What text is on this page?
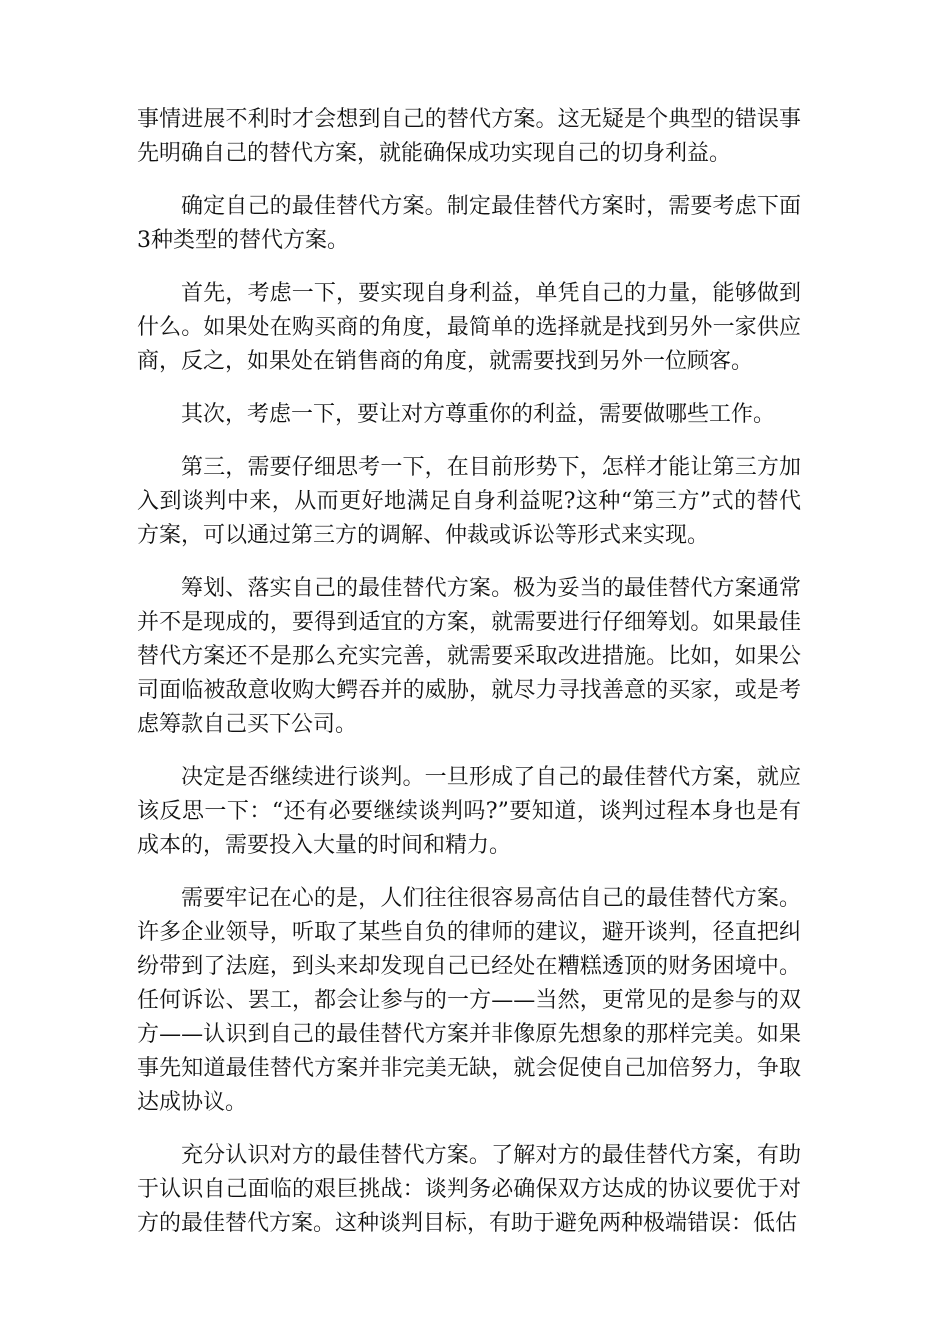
事情进展不利时才会想到自己的替代方案。这无疑是个典型的错误事先明确自己的替代方案，就能确保成功实现自己的切身利益。

确定自己的最佳替代方案。制定最佳替代方案时，需要考虑下面3种类型的替代方案。

首先，考虑一下，要实现自身利益，单凭自己的力量，能够做到什么。如果处在购买商的角度，最简单的选择就是找到另外一家供应商，反之，如果处在销售商的角度，就需要找到另外一位顾客。

其次，考虑一下，要让对方尊重你的利益，需要做哪些工作。

第三，需要仔细思考一下，在目前形势下，怎样才能让第三方加入到谈判中来，从而更好地满足自身利益呢?这种“第三方”式的替代方案，可以通过第三方的调解、仲裁或诉讼等形式来实现。

筹划、落实自己的最佳替代方案。极为妥当的最佳替代方案通常并不是现成的，要得到适宜的方案，就需要进行仔细筹划。如果最佳替代方案还不是那么充实完善，就需要采取改进措施。比如，如果公司面临被敌意收购大鳄吞并的威胁，就尽力寻找善意的买家，或是考虑筹款自己买下公司。

决定是否继续进行谈判。一旦形成了自己的最佳替代方案，就应该反思一下：“还有必要继续谈判吗?”要知道，谈判过程本身也是有成本的，需要投入大量的时间和精力。

需要牢记在心的是，人们往往很容易高估自己的最佳替代方案。许多企业领导，听取了某些自负的律师的建议，避开谈判，径直把纠纷带到了法庭，到头来却发现自己已经处在糟糕透顶的财务困境中。任何诉讼、罢工，都会让参与的一方——当然，更常见的是参与的双方——认识到自己的最佳替代方案并非像原先想象的那样完美。如果事先知道最佳替代方案并非完美无缺，就会促使自己加倍努力，争取达成协议。

充分认识对方的最佳替代方案。了解对方的最佳替代方案，有助于认识自己面临的艰巨挑战：谈判务必确保双方达成的协议要优于对方的最佳替代方案。这种谈判目标，有助于避免两种极端错误：低估
